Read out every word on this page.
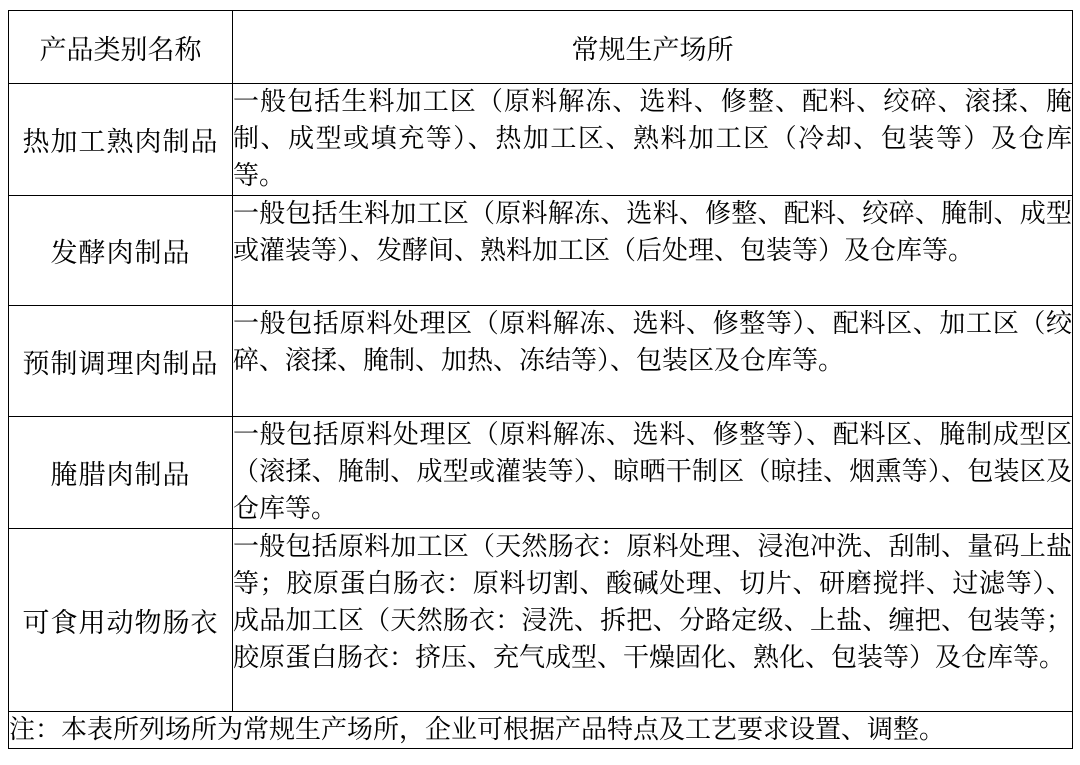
产品类别名称	常规生产场所
热加工熟肉制品	一般包括生料加工区（原料解冻、选料、修整、配料、绞碎、滚揉、腌制、成型或填充等）、热加工区、熟料加工区（冷却、包装等）及仓库等。
发酵肉制品	一般包括生料加工区（原料解冻、选料、修整、配料、绞碎、腌制、成型或灌装等）、发酵间、熟料加工区（后处理、包装等）及仓库等。
预制调理肉制品	一般包括原料处理区（原料解冻、选料、修整等）、配料区、加工区（绞碎、滚揉、腌制、加热、冻结等）、包装区及仓库等。
腌腊肉制品	一般包括原料处理区（原料解冻、选料、修整等）、配料区、腌制成型区（滚揉、腌制、成型或灌装等）、晾晒干制区（晾挂、烟熏等）、包装区及仓库等。
可食用动物肠衣	一般包括原料加工区（天然肠衣：原料处理、浸泡冲洗、刮制、量码上盐等；胶原蛋白肠衣：原料切割、酸碱处理、切片、研磨搅拌、过滤等）、成品加工区（天然肠衣：浸洗、拆把、分路定级、上盐、缠把、包装等；胶原蛋白肠衣：挤压、充气成型、干燥固化、熟化、包装等）及仓库等。
注：本表所列场所为常规生产场所，企业可根据产品特点及工艺要求设置、调整。	
